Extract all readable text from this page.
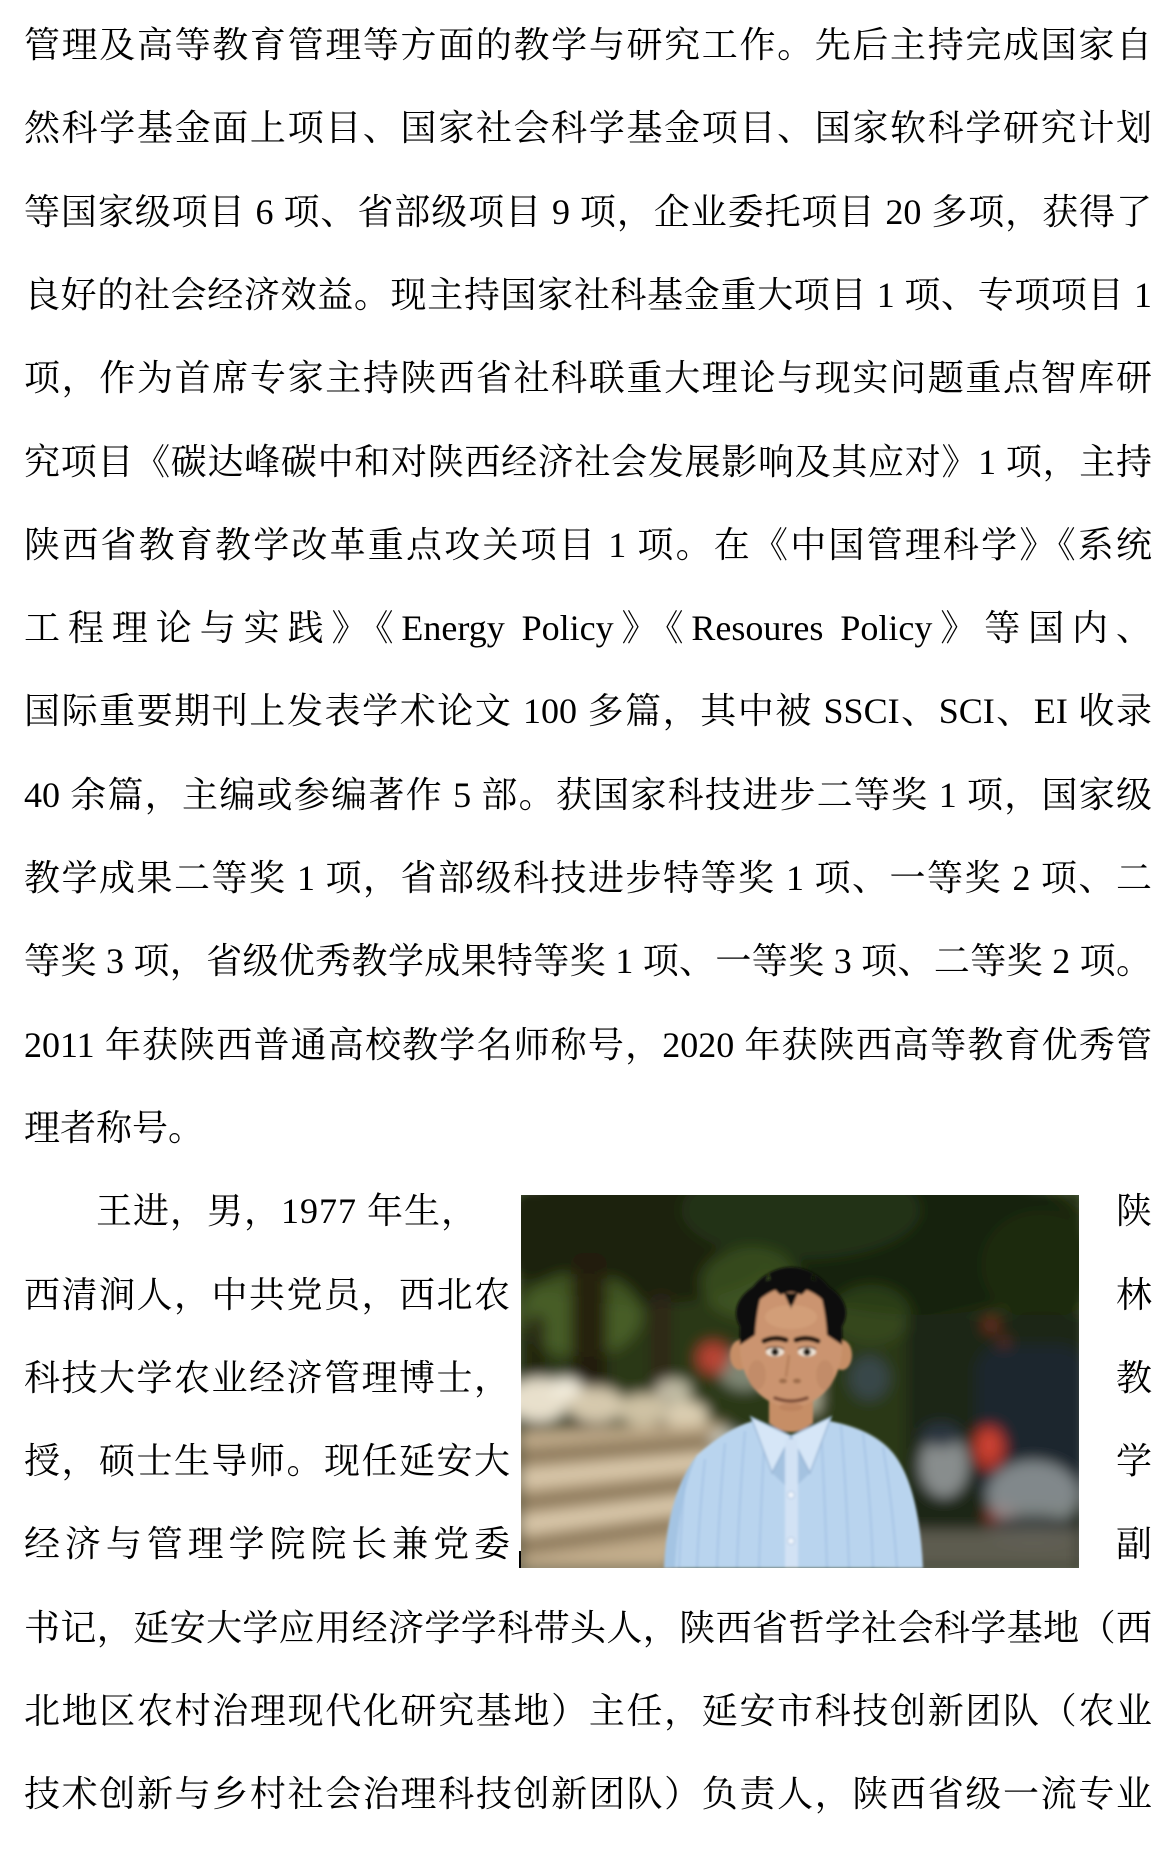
管理及高等教育管理等方面的教学与研究工作。先后主持完成国家自
然科学基金面上项目、国家社会科学基金项目、国家软科学研究计划
等国家级项目 6 项、省部级项目 9 项，企业委托项目 20 多项，获得了
良好的社会经济效益。现主持国家社科基金重大项目 1 项、专项项目 1
项，作为首席专家主持陕西省社科联重大理论与现实问题重点智库研
究项目《碳达峰碳中和对陕西经济社会发展影响及其应对》1 项，主持
陕西省教育教学改革重点攻关项目 1 项。在《中国管理科学》《系统
工程理论与实践》《Energy Policy》《Resoures Policy》等国内、
国际重要期刊上发表学术论文 100 多篇，其中被 SSCI、SCI、EI 收录
40 余篇，主编或参编著作 5 部。获国家科技进步二等奖 1 项，国家级
教学成果二等奖 1 项，省部级科技进步特等奖 1 项、一等奖 2 项、二
等奖 3 项，省级优秀教学成果特等奖 1 项、一等奖 3 项、二等奖 2 项。
2011 年获陕西普通高校教学名师称号，2020 年获陕西高等教育优秀管
理者称号。
王进，男，1977 年生，	陕
西清涧人，中共党员，西北农	林
科技大学农业经济管理博士，	教
授，硕士生导师。现任延安大	学
经济与管理学院院长兼党委	副
书记，延安大学应用经济学学科带头人，陕西省哲学社会科学基地（西
北地区农村治理现代化研究基地）主任，延安市科技创新团队（农业
技术创新与乡村社会治理科技创新团队）负责人，陕西省级一流专业
